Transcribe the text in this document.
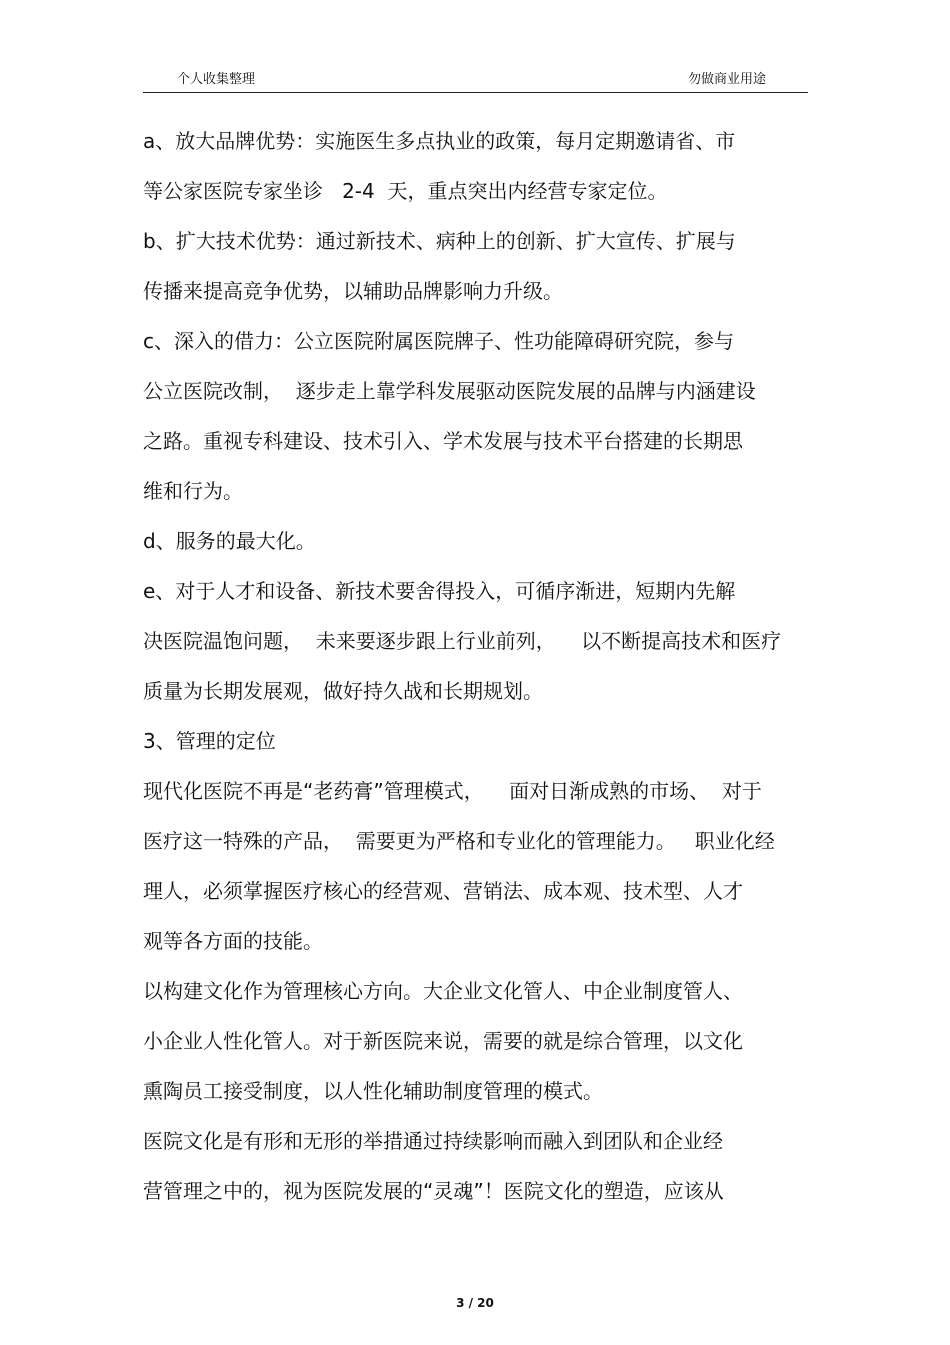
个人收集整理	勿做商业用途
a、放大品牌优势：实施医生多点执业的政策，每月定期邀请省、市
等公家医院专家坐诊   2-4  天，重点突出内经营专家定位。
b、扩大技术优势：通过新技术、病种上的创新、扩大宣传、扩展与
传播来提高竞争优势，以辅助品牌影响力升级。
c、深入的借力：公立医院附属医院牌子、性功能障碍研究院，参与
公立医院改制，  逐步走上靠学科发展驱动医院发展的品牌与内涵建设
之路。重视专科建设、技术引入、学术发展与技术平台搭建的长期思
维和行为。
d、服务的最大化。
e、对于人才和设备、新技术要舍得投入，可循序渐进，短期内先解
决医院温饱问题，  未来要逐步跟上行业前列，    以不断提高技术和医疗
质量为长期发展观，做好持久战和长期规划。
3、管理的定位
现代化医院不再是“老药膏”管理模式，    面对日渐成熟的市场、  对于
医疗这一特殊的产品，  需要更为严格和专业化的管理能力。   职业化经
理人，必须掌握医疗核心的经营观、营销法、成本观、技术型、人才
观等各方面的技能。
以构建文化作为管理核心方向。大企业文化管人、中企业制度管人、
小企业人性化管人。对于新医院来说，需要的就是综合管理，以文化
熏陶员工接受制度，以人性化辅助制度管理的模式。
医院文化是有形和无形的举措通过持续影响而融入到团队和企业经
营管理之中的，视为医院发展的“灵魂”！医院文化的塑造，应该从
3 / 20
